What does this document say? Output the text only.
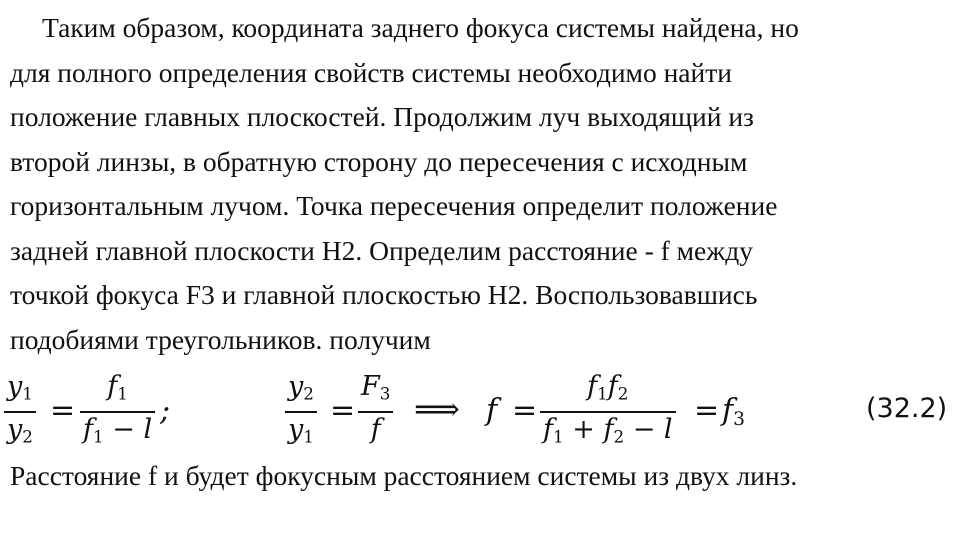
Таким образом, координата заднего фокуса системы найдена, но
для полного определения свойств системы необходимо найти
положение главных плоскостей. Продолжим луч выходящий из
второй линзы, в обратную сторону до пересечения с исходным
горизонтальным лучом. Точка пересечения определит положение
задней главной плоскости H2. Определим расстояние - f между
точкой фокуса F3 и главной плоскостью H2. Воспользовавшись
подобиями треугольников. получим

$y_1$
$y_2$
=
$f_1$
$f_1 - l$
;
$y_2$
$y_1$
=
$F_3$
f
⟹ f =
$f_1f_2$
$f_1 + f_2 - l$
= $f_3$	(32.2)

Расстояние f и будет фокусным расстоянием системы из двух линз.
